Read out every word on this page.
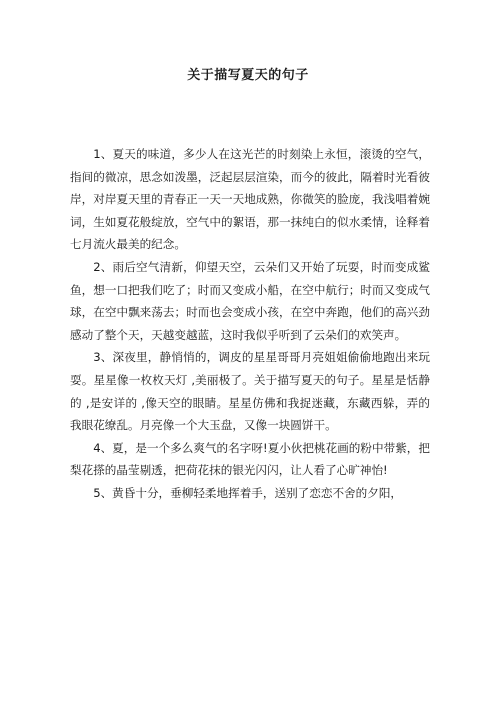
关于描写夏天的句子

1、夏天的味道，多少人在这光芒的时刻染上永恒，滚烫的空气，指间的微凉，思念如泼墨，泛起层层渲染，而今的彼此，隔着时光看彼岸，对岸夏天里的青春正一天一天地成熟，你微笑的脸庞，我浅唱着婉词，生如夏花般绽放，空气中的絮语，那一抹纯白的似水柔情，诠释着七月流火最美的纪念。

2、雨后空气清新，仰望天空，云朵们又开始了玩耍，时而变成鲨鱼，想一口把我们吃了；时而又变成小船，在空中航行；时而又变成气球，在空中飘来荡去；时而也会变成小孩，在空中奔跑，他们的高兴劲感动了整个天，天越变越蓝，这时我似乎听到了云朵们的欢笑声。

3、深夜里，静悄悄的，调皮的星星哥哥月亮姐姐偷偷地跑出来玩耍。星星像一枚枚天灯 ,美丽极了。关于描写夏天的句子。星星是恬静的 ,是安详的 ,像天空的眼睛。星星仿佛和我捉迷藏，东藏西躲，弄的我眼花缭乱。月亮像一个大玉盘，又像一块圆饼干。

4、夏，是一个多么爽气的名字呀!夏小伙把桃花画的粉中带紫，把梨花搽的晶莹剔透，把荷花抹的银光闪闪，让人看了心旷神怡!

5、黄昏十分，垂柳轻柔地挥着手，送别了恋恋不舍的夕阳，
